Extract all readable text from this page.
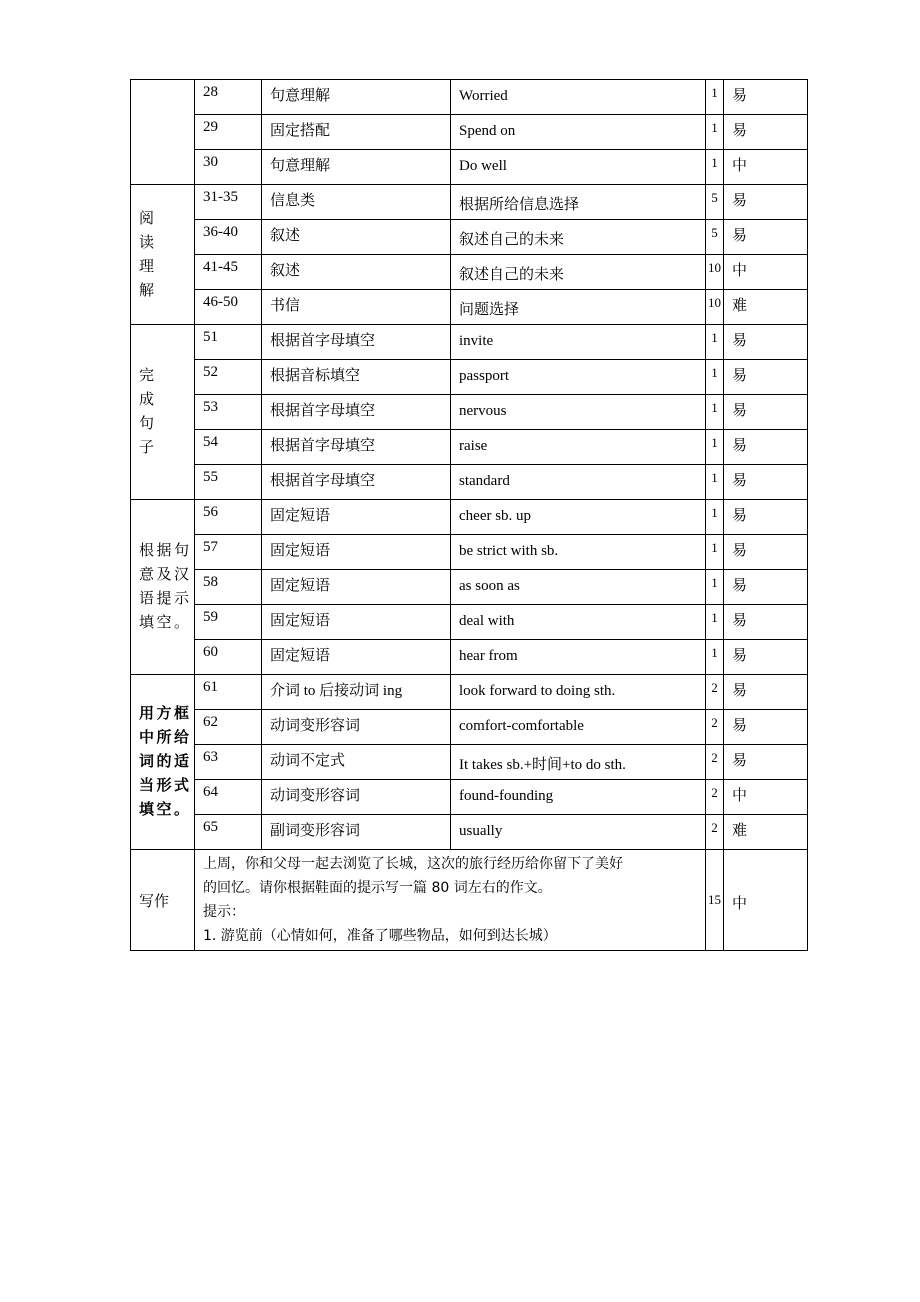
	28	句意理解	Worried	1	易
	29	固定搭配	Spend on	1	易
	30	句意理解	Do well	1	中

阅读理解	31-35	信息类	根据所给信息选择	5	易
	36-40	叙述	叙述自己的未来	5	易
	41-45	叙述	叙述自己的未来	10	中
	46-50	书信	问题选择	10	难

完成句子	51	根据首字母填空	invite	1	易
	52	根据音标填空	passport	1	易
	53	根据首字母填空	nervous	1	易
	54	根据首字母填空	raise	1	易
	55	根据首字母填空	standard	1	易

根据句意及汉语提示填空。	56	固定短语	cheer sb. up	1	易
	57	固定短语	be strict with sb.	1	易
	58	固定短语	as soon as	1	易
	59	固定短语	deal with	1	易
	60	固定短语	hear from	1	易

用方框中所给词的适当形式填空。	61	介词 to 后接动词 ing	look forward to doing sth.	2	易
	62	动词变形容词	comfort-comfortable	2	易
	63	动词不定式	It takes sb.+时间+to do sth.	2	易
	64	动词变形容词	found-founding	2	中
	65	副词变形容词	usually	2	难

写作	上周，你和父母一起去浏览了长城，这次的旅行经历给你留下了美好
的回忆。请你根据鞋面的提示写一篇 80 词左右的作文。
提示：
1. 游览前（心情如何，准备了哪些物品，如何到达长城）			15	中
